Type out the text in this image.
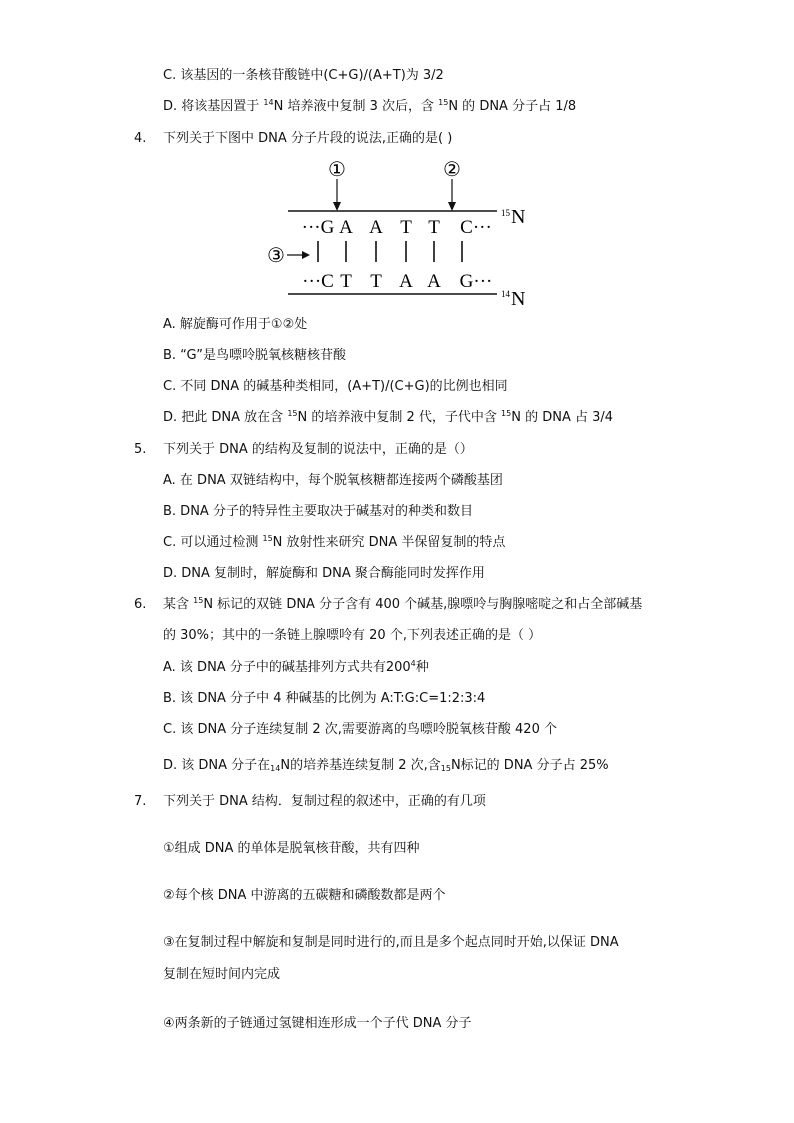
C. 该基因的一条核苷酸链中(C+G)/(A+T)为 3/2
D. 将该基因置于 $^{14}$N 培养液中复制 3 次后，含 $^{15}$N 的 DNA 分子占 1/8
4. 下列关于下图中 DNA 分子片段的说法,正确的是( )
①	②
15 N
···G A A T T C···
③
···C T T A A G···
14 N
A. 解旋酶可作用于①②处
B. “G”是鸟嘌呤脱氧核糖核苷酸
C. 不同 DNA 的碱基种类相同，(A+T)/(C+G)的比例也相同
D. 把此 DNA 放在含 $^{15}$N 的培养液中复制 2 代，子代中含 $^{15}$N 的 DNA 占 3/4
5. 下列关于 DNA 的结构及复制的说法中，正确的是（）
A. 在 DNA 双链结构中，每个脱氧核糖都连接两个磷酸基团
B. DNA 分子的特异性主要取决于碱基对的种类和数目
C. 可以通过检测 $^{15}$N 放射性来研究 DNA 半保留复制的特点
D. DNA 复制时，解旋酶和 DNA 聚合酶能同时发挥作用
6. 某含 $^{15}$N 标记的双链 DNA 分子含有 400 个碱基,腺嘌呤与胸腺嘧啶之和占全部碱基
的 30%；其中的一条链上腺嘌呤有 20 个,下列表述正确的是（ ）
A. 该 DNA 分子中的碱基排列方式共有$200^4$种
B. 该 DNA 分子中 4 种碱基的比例为 A:T:G:C=1:2:3:4
C. 该 DNA 分子连续复制 2 次,需要游离的鸟嘌呤脱氧核苷酸 420 个
D. 该 DNA 分子在$_{14}$N的培养基连续复制 2 次,含$_{15}$N标记的 DNA 分子占 25%
7. 下列关于 DNA 结构．复制过程的叙述中，正确的有几项
①组成 DNA 的单体是脱氧核苷酸，共有四种
②每个核 DNA 中游离的五碳糖和磷酸数都是两个
③在复制过程中解旋和复制是同时进行的,而且是多个起点同时开始,以保证 DNA
复制在短时间内完成
④两条新的子链通过氢键相连形成一个子代 DNA 分子
